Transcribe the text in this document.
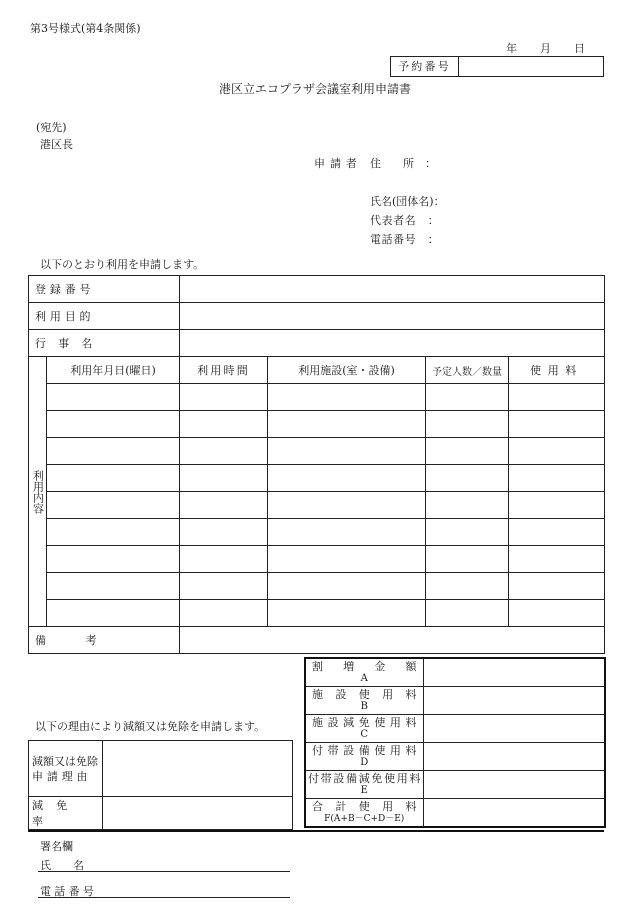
第3号様式(第4条関係)
年 月 日
予約番号
港区立エコプラザ会議室利用申請書
(宛先)
港区長
申請者 住　　所　：
氏名(団体名)：
代表者名　：
電話番号　：
以下のとおり利用を申請します。
登録番号					
利用目的					
行事名					
利用内容	利用年月日(曜日)	利用時間	利用施設(室・設備)	予定人数／数量	使用料

備考					
割増金額
A	

施設使用料
B	

施設減免使用料
C	

付帯設備使用料
D	

付帯設備減免使用料
E	

合計使用料
F(A+B－C+D－E)	

以下の理由により減額又は免除を申請します。
減額又は免除
申請理由	

減免率	
署名欄
氏　　名
電話番号
